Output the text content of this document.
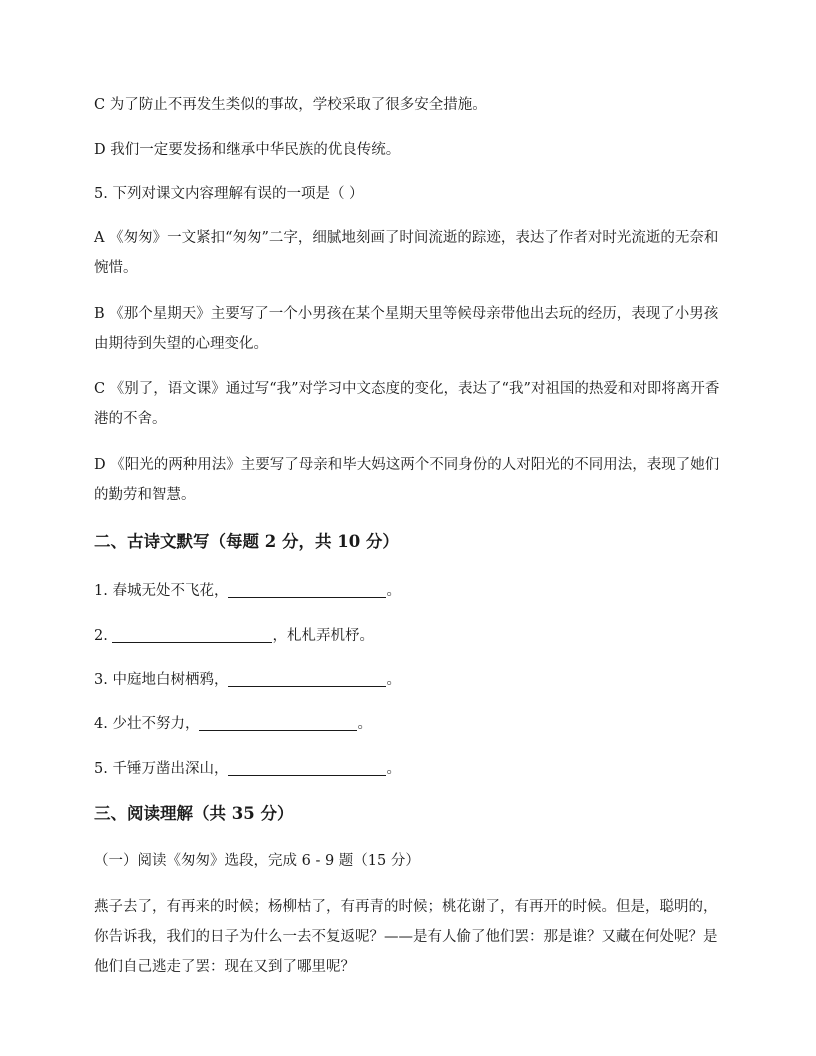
C 为了防止不再发生类似的事故，学校采取了很多安全措施。
D 我们一定要发扬和继承中华民族的优良传统。
5. 下列对课文内容理解有误的一项是（ ）
A 《匆匆》一文紧扣“匆匆”二字，细腻地刻画了时间流逝的踪迹，表达了作者对时光流逝的无奈和惋惜。
B 《那个星期天》主要写了一个小男孩在某个星期天里等候母亲带他出去玩的经历，表现了小男孩由期待到失望的心理变化。
C 《别了，语文课》通过写“我”对学习中文态度的变化，表达了“我”对祖国的热爱和对即将离开香港的不舍。
D 《阳光的两种用法》主要写了母亲和毕大妈这两个不同身份的人对阳光的不同用法，表现了她们的勤劳和智慧。
二、古诗文默写（每题 2 分，共 10 分）
1. 春城无处不飞花，	。
2.	，札札弄机杼。
3. 中庭地白树栖鸦，	。
4. 少壮不努力，	。
5. 千锤万凿出深山，	。
三、阅读理解（共 35 分）
（一）阅读《匆匆》选段，完成 6 - 9 题（15 分）
燕子去了，有再来的时候；杨柳枯了，有再青的时候；桃花谢了，有再开的时候。但是，聪明的，你告诉我，我们的日子为什么一去不复返呢？——是有人偷了他们罢：那是谁？又藏在何处呢？是他们自己逃走了罢：现在又到了哪里呢？
